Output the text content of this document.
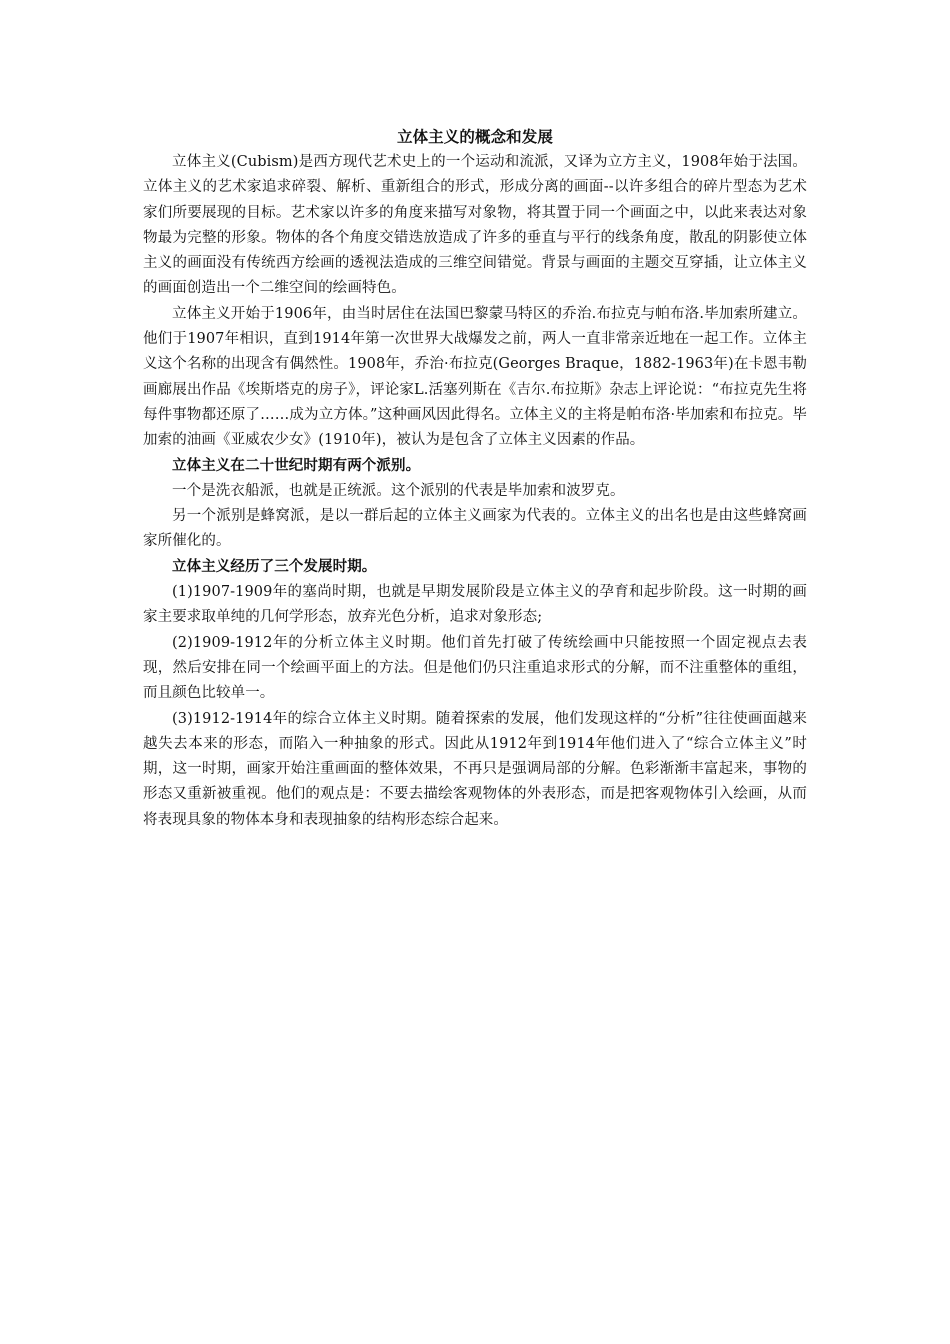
立体主义的概念和发展

立体主义(Cubism)是西方现代艺术史上的一个运动和流派，又译为立方主义，1908年始于法国。立体主义的艺术家追求碎裂、解析、重新组合的形式，形成分离的画面--以许多组合的碎片型态为艺术家们所要展现的目标。艺术家以许多的角度来描写对象物，将其置于同一个画面之中，以此来表达对象物最为完整的形象。物体的各个角度交错迭放造成了许多的垂直与平行的线条角度，散乱的阴影使立体主义的画面没有传统西方绘画的透视法造成的三维空间错觉。背景与画面的主题交互穿插，让立体主义的画面创造出一个二维空间的绘画特色。

立体主义开始于1906年，由当时居住在法国巴黎蒙马特区的乔治.布拉克与帕布洛.毕加索所建立。他们于1907年相识，直到1914年第一次世界大战爆发之前，两人一直非常亲近地在一起工作。立体主义这个名称的出现含有偶然性。1908年，乔治·布拉克(Georges Braque，1882-1963年)在卡恩韦勒画廊展出作品《埃斯塔克的房子》，评论家L.活塞列斯在《吉尔.布拉斯》杂志上评论说：“布拉克先生将每件事物都还原了……成为立方体。”这种画风因此得名。立体主义的主将是帕布洛·毕加索和布拉克。毕加索的油画《亚威农少女》(1910年)，被认为是包含了立体主义因素的作品。

立体主义在二十世纪时期有两个派别。

一个是洗衣船派，也就是正统派。这个派别的代表是毕加索和波罗克。

另一个派别是蜂窝派，是以一群后起的立体主义画家为代表的。立体主义的出名也是由这些蜂窝画家所催化的。

立体主义经历了三个发展时期。

(1)1907-1909年的塞尚时期，也就是早期发展阶段是立体主义的孕育和起步阶段。这一时期的画家主要求取单纯的几何学形态，放弃光色分析，追求对象形态;

(2)1909-1912年的分析立体主义时期。他们首先打破了传统绘画中只能按照一个固定视点去表现，然后安排在同一个绘画平面上的方法。但是他们仍只注重追求形式的分解，而不注重整体的重组，而且颜色比较单一。

(3)1912-1914年的综合立体主义时期。随着探索的发展，他们发现这样的“分析”往往使画面越来越失去本来的形态，而陷入一种抽象的形式。因此从1912年到1914年他们进入了“综合立体主义”时期，这一时期，画家开始注重画面的整体效果，不再只是强调局部的分解。色彩渐渐丰富起来，事物的形态又重新被重视。他们的观点是：不要去描绘客观物体的外表形态，而是把客观物体引入绘画，从而将表现具象的物体本身和表现抽象的结构形态综合起来。
